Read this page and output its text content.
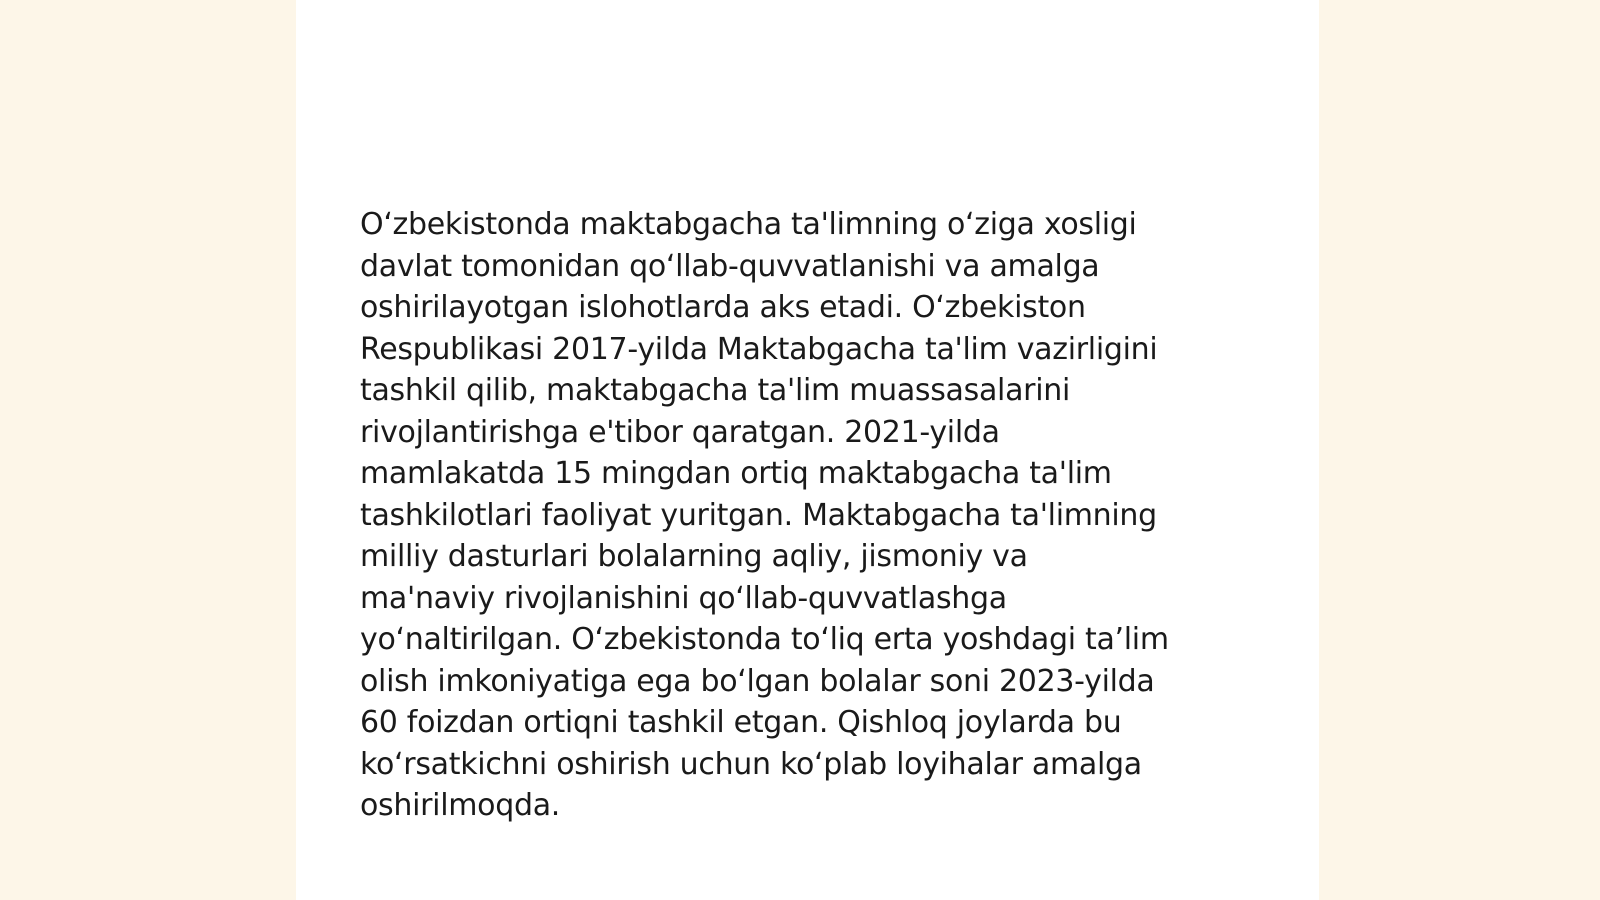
Oʻzbekistonda maktabgacha ta'limning oʻziga xosligi
davlat tomonidan qoʻllab-quvvatlanishi va amalga
oshirilayotgan islohotlarda aks etadi. Oʻzbekiston
Respublikasi 2017-yilda Maktabgacha ta'lim vazirligini
tashkil qilib, maktabgacha ta'lim muassasalarini
rivojlantirishga e'tibor qaratgan. 2021-yilda
mamlakatda 15 mingdan ortiq maktabgacha ta'lim
tashkilotlari faoliyat yuritgan. Maktabgacha ta'limning
milliy dasturlari bolalarning aqliy, jismoniy va
ma'naviy rivojlanishini qoʻllab-quvvatlashga
yoʻnaltirilgan. Oʻzbekistonda toʻliq erta yoshdagi taʼlim
olish imkoniyatiga ega boʻlgan bolalar soni 2023-yilda
60 foizdan ortiqni tashkil etgan. Qishloq joylarda bu
koʻrsatkichni oshirish uchun koʻplab loyihalar amalga
oshirilmoqda.
